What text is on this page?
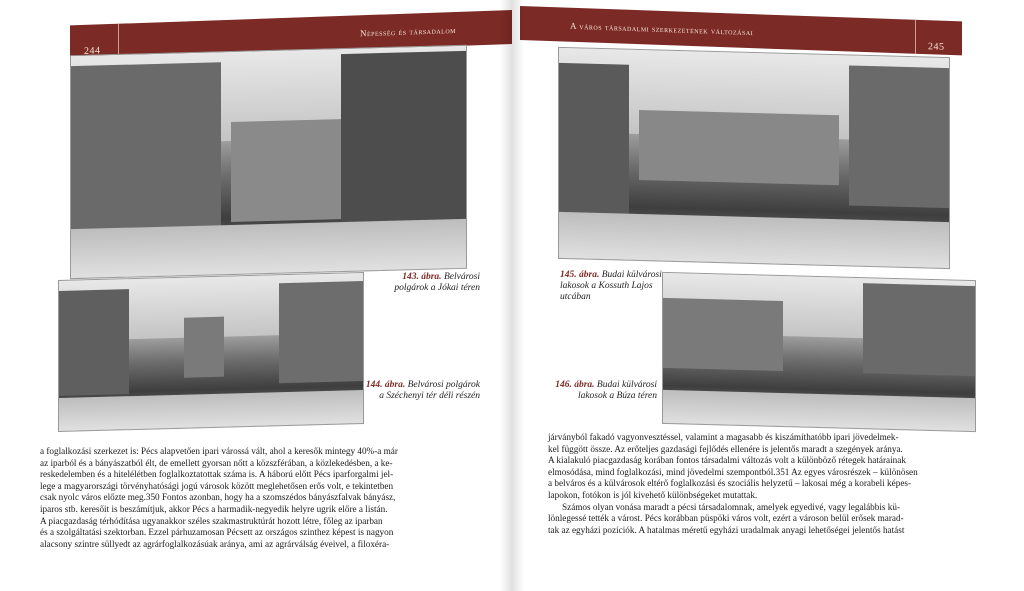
244
Népesség és társadalom
143. ábra. Belvárosi polgárok a Jókai téren
144. ábra. Belvárosi polgárok a Széchenyi tér déli részén

a foglalkozási szerkezet is: Pécs alapvetően ipari várossá vált, ahol a keresők mintegy 40%-a már

az iparból és a bányászatból élt, de emellett gyorsan nőtt a közszférában, a közlekedésben, a ke-

reskedelemben és a hitelélétben foglalkoztatottak száma is. A háború előtt Pécs iparforgalmi jel-

lege a magyarországi törvényhatósági jogú városok között meglehetősen erős volt, e tekintetben

csak nyolc város előzte meg.350 Fontos azonban, hogy ha a szomszédos bányászfalvak bányász,

iparos stb. keresőit is beszámítjuk, akkor Pécs a harmadik-negyedik helyre ugrik előre a listán.

A piacgazdaság térhódítása ugyanakkor széles szakmastruktúrát hozott létre, főleg az iparban

és a szolgáltatási szektorban. Ezzel párhuzamosan Pécsett az országos szinthez képest is nagyon

alacsony szintre süllyedt az agrárfoglalkozásúak aránya, ami az agrárválság éveivel, a filoxéra-

A város társadalmi szerkezetének változásai
245
145. ábra. Budai külvárosi lakosok a Kossuth Lajos utcában
146. ábra. Budai külvárosi lakosok a Búza téren

járványból fakadó vagyonvesztéssel, valamint a magasabb és kiszámíthatóbb ipari jövedelmek-

kel függött össze. Az erőteljes gazdasági fejlődés ellenére is jelentős maradt a szegények aránya.

A kialakuló piacgazdaság korában fontos társadalmi változás volt a különböző rétegek határainak

elmosódása, mind foglalkozási, mind jövedelmi szempontból.351 Az egyes városrészek – különösen

a belváros és a külvárosok eltérő foglalkozási és szociális helyzetű – lakosai még a korabeli képes-

lapokon, fotókon is jól kivehető különbségeket mutattak.

Számos olyan vonása maradt a pécsi társadalomnak, amelyek egyedivé, vagy legalábbis kü-

lönlegessé tették a várost. Pécs korábban püspöki város volt, ezért a városon belül erősek marad-

tak az egyházi pozíciók. A hatalmas méretű egyházi uradalmak anyagi lehetőségei jelentős hatást
